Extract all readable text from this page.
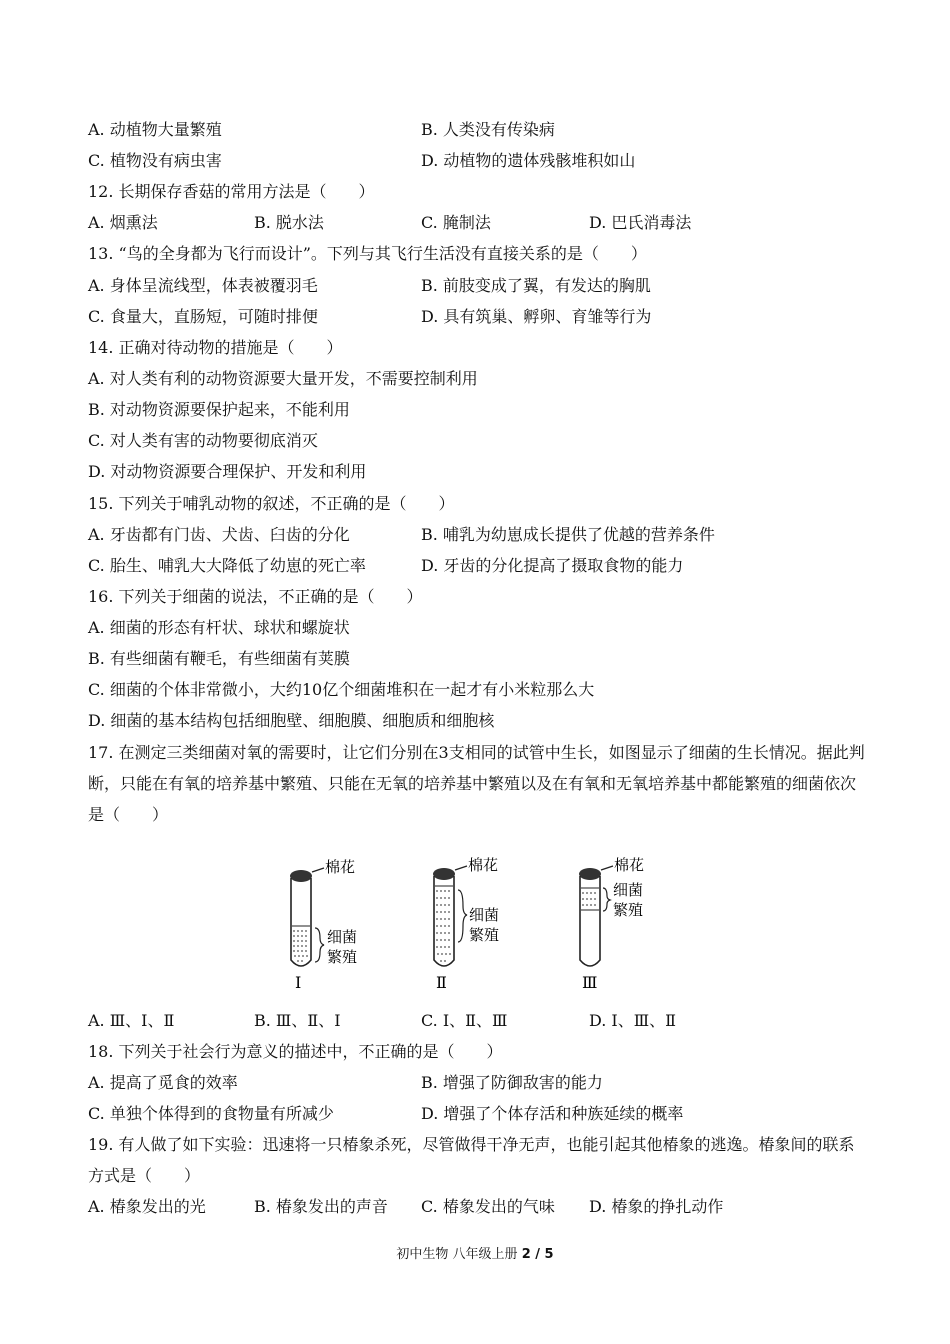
A. 动植物大量繁殖	B. 人类没有传染病
C. 植物没有病虫害	D. 动植物的遗体残骸堆积如山
12. 长期保存香菇的常用方法是（　　）
A. 烟熏法	B. 脱水法	C. 腌制法	D. 巴氏消毒法
13. “鸟的全身都为飞行而设计”。下列与其飞行生活没有直接关系的是（　　）
A. 身体呈流线型，体表被覆羽毛	B. 前肢变成了翼，有发达的胸肌
C. 食量大，直肠短，可随时排便	D. 具有筑巢、孵卵、育雏等行为
14. 正确对待动物的措施是（　　）
A. 对人类有利的动物资源要大量开发，不需要控制利用
B. 对动物资源要保护起来，不能利用
C. 对人类有害的动物要彻底消灭
D. 对动物资源要合理保护、开发和利用
15. 下列关于哺乳动物的叙述，不正确的是（　　）
A. 牙齿都有门齿、犬齿、臼齿的分化	B. 哺乳为幼崽成长提供了优越的营养条件
C. 胎生、哺乳大大降低了幼崽的死亡率	D. 牙齿的分化提高了摄取食物的能力
16. 下列关于细菌的说法，不正确的是（　　）
A. 细菌的形态有杆状、球状和螺旋状
B. 有些细菌有鞭毛，有些细菌有荚膜
C. 细菌的个体非常微小，大约10亿个细菌堆积在一起才有小米粒那么大
D. 细菌的基本结构包括细胞壁、细胞膜、细胞质和细胞核
17. 在测定三类细菌对氧的需要时，让它们分别在3支相同的试管中生长，如图显示了细菌的生长情况。据此判断，只能在有氧的培养基中繁殖、只能在无氧的培养基中繁殖以及在有氧和无氧培养基中都能繁殖的细菌依次是（　　）
棉花
细菌
繁殖
Ⅰ
棉花
细菌
繁殖
Ⅱ
棉花
细菌
繁殖
Ⅲ
A. Ⅲ、Ⅰ、Ⅱ	B. Ⅲ、Ⅱ、Ⅰ	C. Ⅰ、Ⅱ、Ⅲ	D. Ⅰ、Ⅲ、Ⅱ
18. 下列关于社会行为意义的描述中，不正确的是（　　）
A. 提高了觅食的效率	B. 增强了防御敌害的能力
C. 单独个体得到的食物量有所减少	D. 增强了个体存活和种族延续的概率
19. 有人做了如下实验：迅速将一只椿象杀死，尽管做得干净无声，也能引起其他椿象的逃逸。椿象间的联系方式是（　　）
A. 椿象发出的光	B. 椿象发出的声音 C. 椿象发出的气味 D. 椿象的挣扎动作
初中生物 八年级上册 2 / 5
